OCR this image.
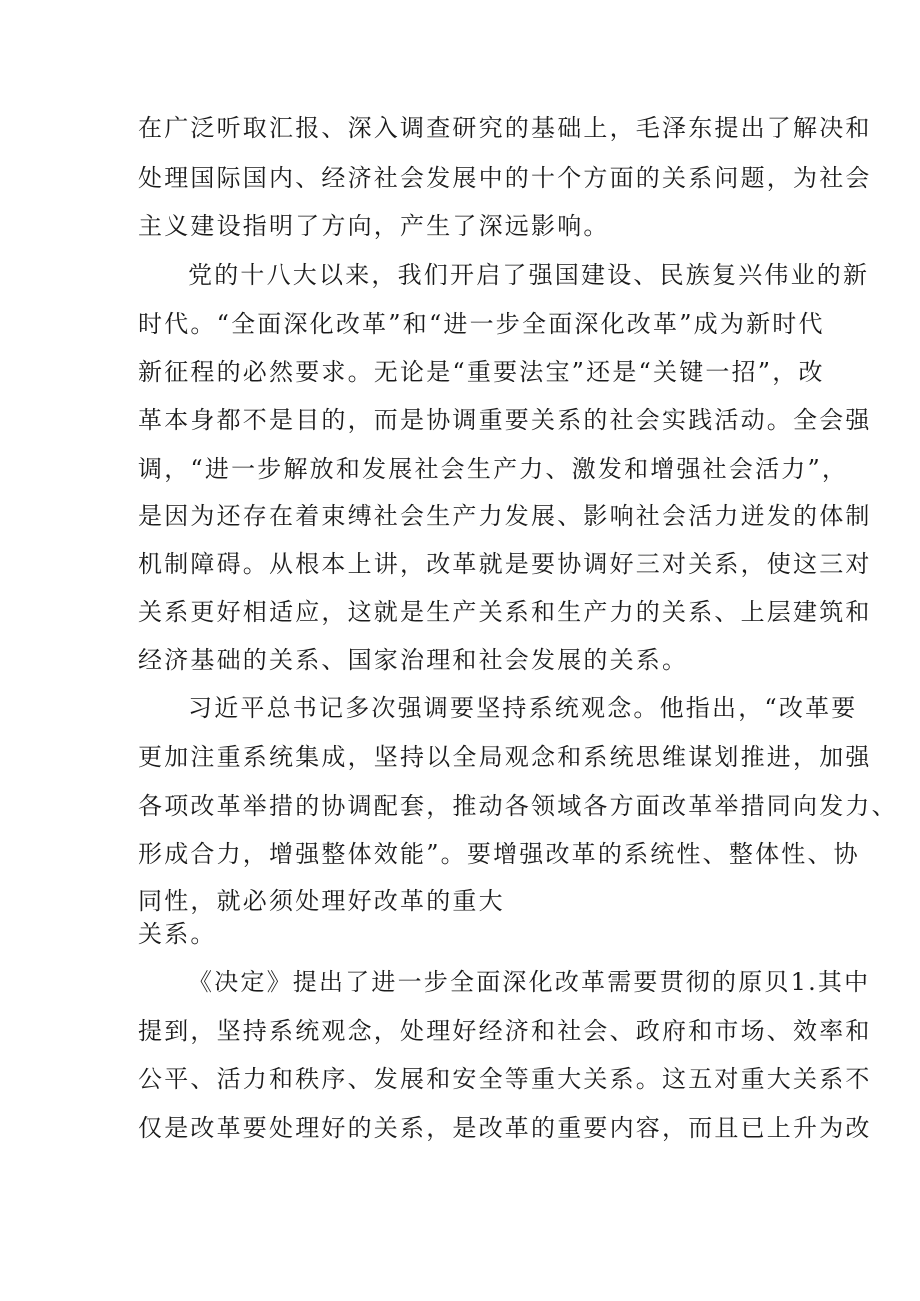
在广泛听取汇报、深入调查研究的基础上，毛泽东提出了解决和
处理国际国内、经济社会发展中的十个方面的关系问题，为社会
主义建设指明了方向，产生了深远影响。
党的十八大以来，我们开启了强国建设、民族复兴伟业的新
时代。“全面深化改革”和“进一步全面深化改革”成为新时代
新征程的必然要求。无论是“重要法宝”还是“关键一招”，改
革本身都不是目的，而是协调重要关系的社会实践活动。全会强
调，“进一步解放和发展社会生产力、激发和增强社会活力”，
是因为还存在着束缚社会生产力发展、影响社会活力迸发的体制
机制障碍。从根本上讲，改革就是要协调好三对关系，使这三对
关系更好相适应，这就是生产关系和生产力的关系、上层建筑和
经济基础的关系、国家治理和社会发展的关系。
习近平总书记多次强调要坚持系统观念。他指出，“改革要
更加注重系统集成，坚持以全局观念和系统思维谋划推进，加强
各项改革举措的协调配套，推动各领域各方面改革举措同向发力、
形成合力，增强整体效能”。要增强改革的系统性、整体性、协
同性，就必须处理好改革的重大
关系。
《决定》提出了进一步全面深化改革需要贯彻的原贝1.其中
提到，坚持系统观念，处理好经济和社会、政府和市场、效率和
公平、活力和秩序、发展和安全等重大关系。这五对重大关系不
仅是改革要处理好的关系，是改革的重要内容，而且已上升为改
